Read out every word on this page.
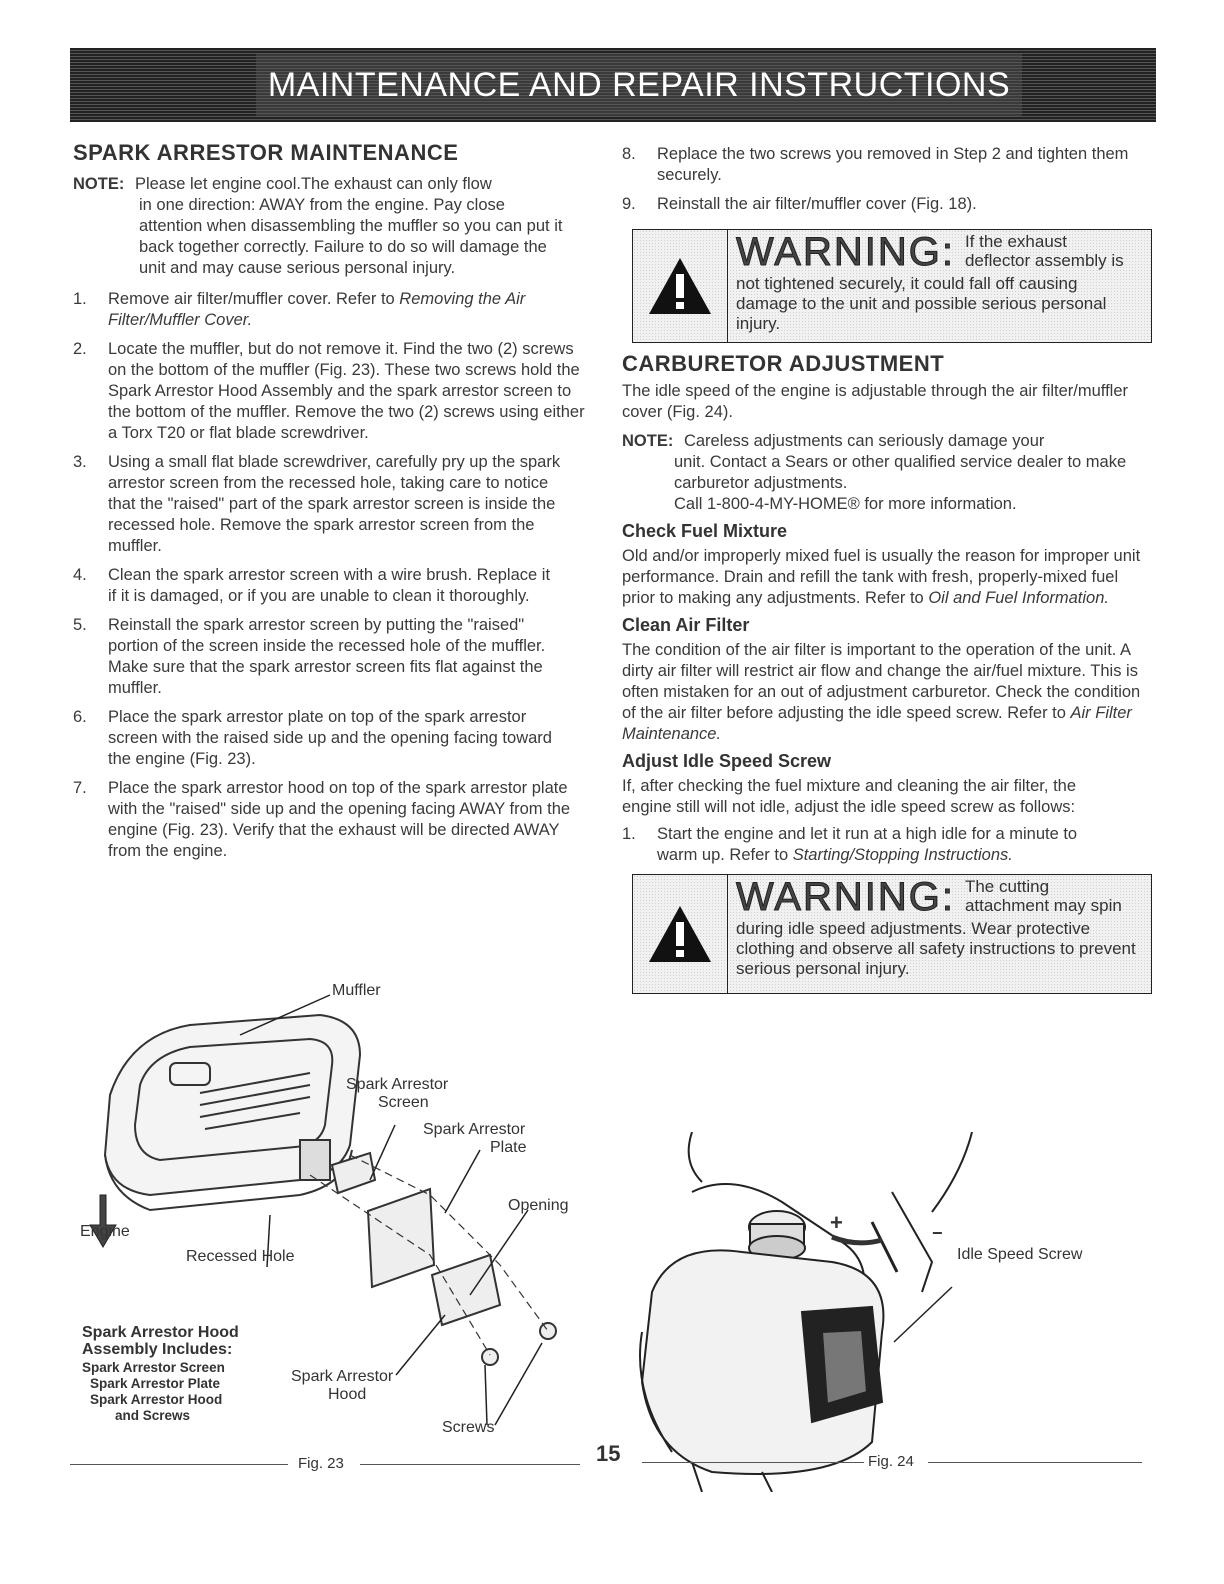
MAINTENANCE AND REPAIR INSTRUCTIONS
SPARK ARRESTOR MAINTENANCE
NOTE: Please let engine cool.The exhaust can only flow
in one direction: AWAY from the engine. Pay close attention when disassembling the muffler so you can put it back together correctly. Failure to do so will damage the unit and may cause serious personal injury.
1.	Remove air filter/muffler cover. Refer to Removing the Air Filter/Muffler Cover.
2.	Locate the muffler, but do not remove it. Find the two (2) screws on the bottom of the muffler (Fig. 23). These two screws hold the Spark Arrestor Hood Assembly and the spark arrestor screen to the bottom of the muffler. Remove the two (2) screws using either a Torx T20 or flat blade screwdriver.
3.	Using a small flat blade screwdriver, carefully pry up the spark arrestor screen from the recessed hole, taking care to notice that the "raised" part of the spark arrestor screen is inside the recessed hole. Remove the spark arrestor screen from the muffler.
4.	Clean the spark arrestor screen with a wire brush. Replace it if it is damaged, or if you are unable to clean it thoroughly.
5.	Reinstall the spark arrestor screen by putting the "raised" portion of the screen inside the recessed hole of the muffler. Make sure that the spark arrestor screen fits flat against the muffler.
6.	Place the spark arrestor plate on top of the spark arrestor screen with the raised side up and the opening facing toward the engine (Fig. 23).
7.	Place the spark arrestor hood on top of the spark arrestor plate with the "raised" side up and the opening facing AWAY from the engine (Fig. 23). Verify that the exhaust will be directed AWAY from the engine.
Muffler
Spark Arrestor
Screen
Spark Arrestor
Plate
Opening
Engine
Recessed Hole
Spark Arrestor Hood
Assembly Includes:
Spark Arrestor Screen
Spark Arrestor Plate
Spark Arrestor Hood
and Screws
Spark Arrestor
Hood
Screws
Fig. 23
8.	Replace the two screws you removed in Step 2 and tighten them securely.
9.	Reinstall the air filter/muffler cover (Fig. 18).
WARNING: If the exhaust
deflector assembly is
not tightened securely, it could fall off causing damage to the unit and possible serious personal injury.
CARBURETOR ADJUSTMENT

The idle speed of the engine is adjustable through the air filter/muffler cover (Fig. 24).

NOTE: Careless adjustments can seriously damage your
unit. Contact a Sears or other qualified service dealer to make carburetor adjustments.
Call 1-800-4-MY-HOME® for more information.
Check Fuel Mixture

Old and/or improperly mixed fuel is usually the reason for improper unit performance. Drain and refill the tank with fresh, properly-mixed fuel prior to making any adjustments. Refer to Oil and Fuel Information.

Clean Air Filter

The condition of the air filter is important to the operation of the unit. A dirty air filter will restrict air flow and change the air/fuel mixture. This is often mistaken for an out of adjustment carburetor. Check the condition of the air filter before adjusting the idle speed screw. Refer to Air Filter Maintenance.

Adjust Idle Speed Screw

If, after checking the fuel mixture and cleaning the air filter, the engine still will not idle, adjust the idle speed screw as follows:

1.	Start the engine and let it run at a high idle for a minute to warm up. Refer to Starting/Stopping Instructions.
WARNING: The cutting
attachment may spin
during idle speed adjustments. Wear protective clothing and observe all safety instructions to prevent serious personal injury.
+	−
Idle Speed Screw
Fig. 24
15
